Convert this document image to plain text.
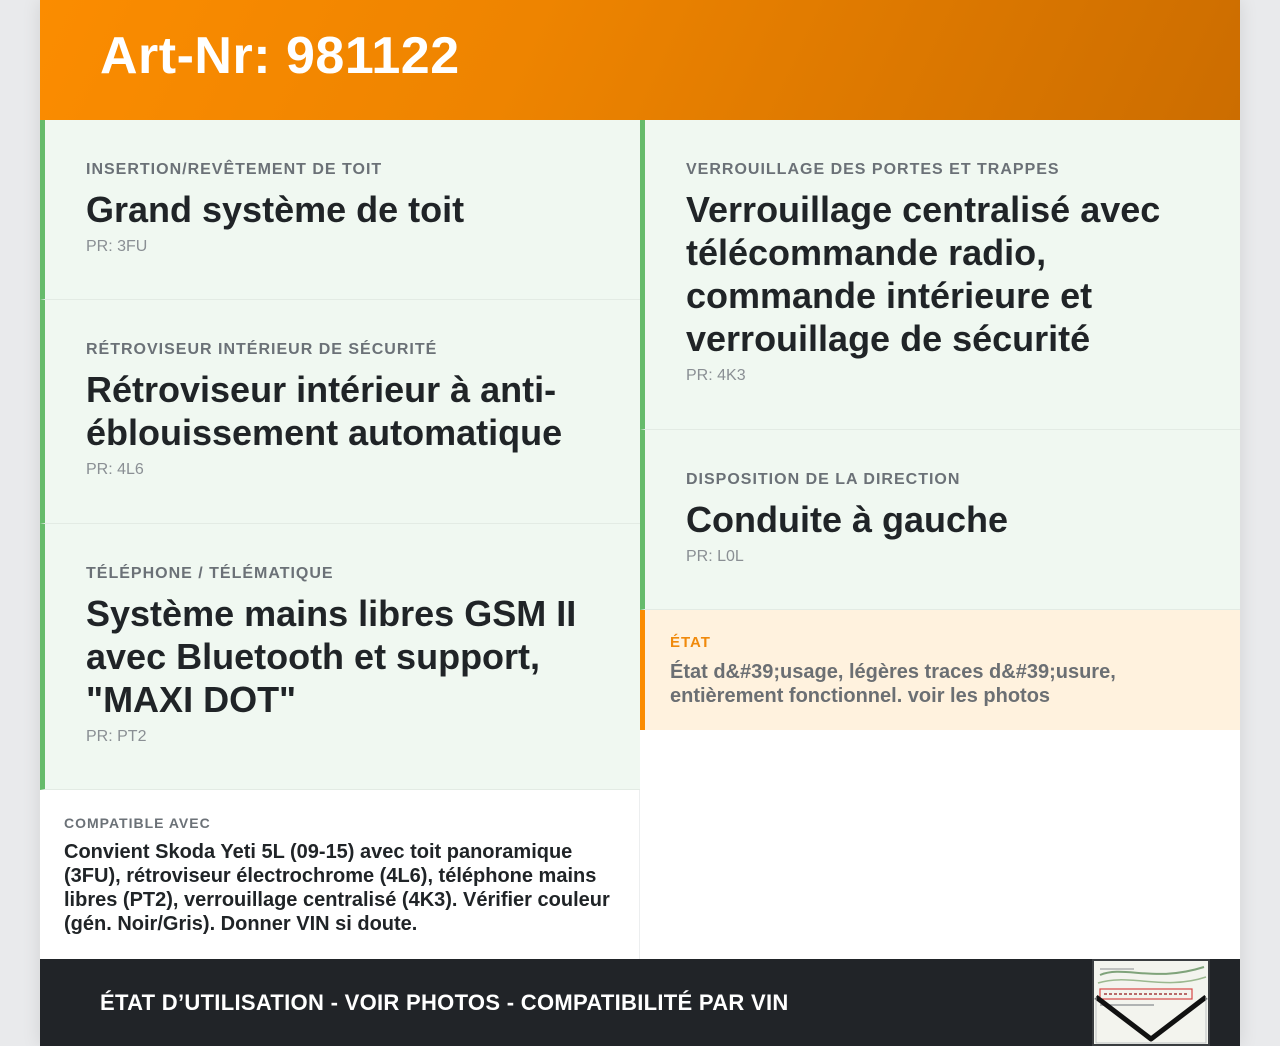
Art-Nr: 981122
INSERTION/REVÊTEMENT DE TOIT
Grand système de toit
PR: 3FU
RÉTROVISEUR INTÉRIEUR DE SÉCURITÉ
Rétroviseur intérieur à anti-éblouissement automatique
PR: 4L6
TÉLÉPHONE / TÉLÉMATIQUE
Système mains libres GSM II avec Bluetooth et support, "MAXI DOT"
PR: PT2
VERROUILLAGE DES PORTES ET TRAPPES
Verrouillage centralisé avec télécommande radio, commande intérieure et verrouillage de sécurité
PR: 4K3
DISPOSITION DE LA DIRECTION
Conduite à gauche
PR: L0L
ÉTAT
État d&#39;usage, légères traces d&#39;usure, entièrement fonctionnel. voir les photos
COMPATIBLE AVEC
Convient Skoda Yeti 5L (09-15) avec toit panoramique (3FU), rétroviseur électrochrome (4L6), téléphone mains libres (PT2), verrouillage centralisé (4K3). Vérifier couleur (gén. Noir/Gris). Donner VIN si doute.
ÉTAT D’UTILISATION - VOIR PHOTOS - COMPATIBILITÉ PAR VIN
